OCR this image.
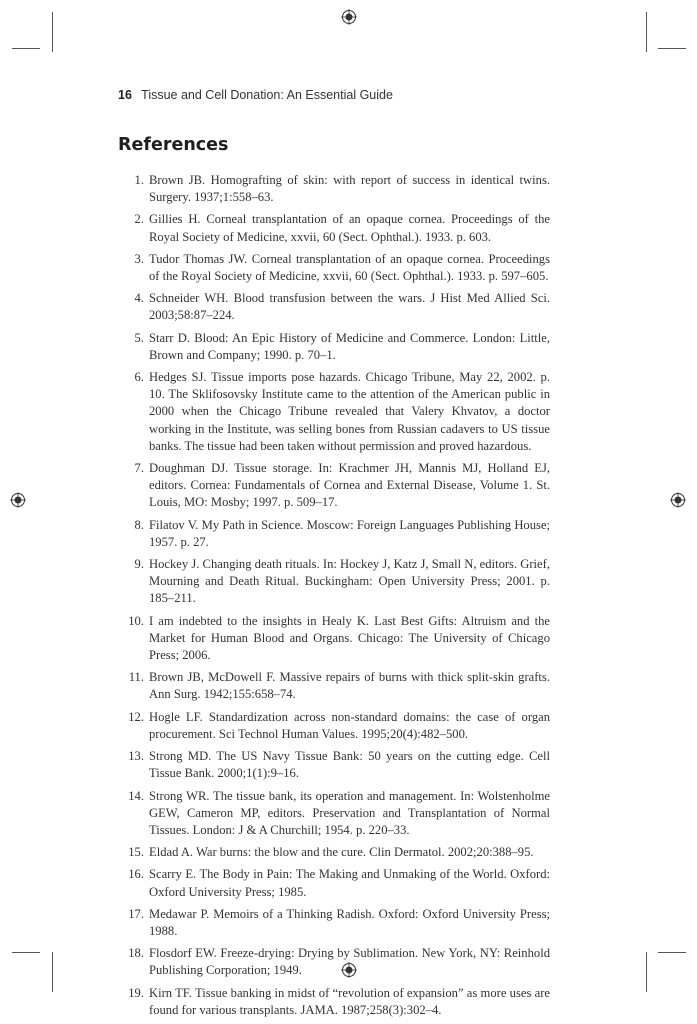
16 Tissue and Cell Donation: An Essential Guide
References
1. Brown JB. Homografting of skin: with report of success in identical twins. Surgery. 1937;1:558–63.
2. Gillies H. Corneal transplantation of an opaque cornea. Proceedings of the Royal Society of Medicine, xxvii, 60 (Sect. Ophthal.). 1933. p. 603.
3. Tudor Thomas JW. Corneal transplantation of an opaque cornea. Proceedings of the Royal Society of Medicine, xxvii, 60 (Sect. Ophthal.). 1933. p. 597–605.
4. Schneider WH. Blood transfusion between the wars. J Hist Med Allied Sci. 2003;58:87–224.
5. Starr D. Blood: An Epic History of Medicine and Commerce. London: Little, Brown and Company; 1990. p. 70–1.
6. Hedges SJ. Tissue imports pose hazards. Chicago Tribune, May 22, 2002. p. 10. The Sklifosovsky Institute came to the attention of the American public in 2000 when the Chicago Tribune revealed that Valery Khvatov, a doctor working in the Institute, was selling bones from Russian cadavers to US tissue banks. The tissue had been taken without permission and proved hazardous.
7. Doughman DJ. Tissue storage. In: Krachmer JH, Mannis MJ, Holland EJ, editors. Cornea: Fundamentals of Cornea and External Disease, Volume 1. St. Louis, MO: Mosby; 1997. p. 509–17.
8. Filatov V. My Path in Science. Moscow: Foreign Languages Publishing House; 1957. p. 27.
9. Hockey J. Changing death rituals. In: Hockey J, Katz J, Small N, editors. Grief, Mourning and Death Ritual. Buckingham: Open University Press; 2001. p. 185–211.
10. I am indebted to the insights in Healy K. Last Best Gifts: Altruism and the Market for Human Blood and Organs. Chicago: The University of Chicago Press; 2006.
11. Brown JB, McDowell F. Massive repairs of burns with thick split-skin grafts. Ann Surg. 1942;155:658–74.
12. Hogle LF. Standardization across non-standard domains: the case of organ procurement. Sci Technol Human Values. 1995;20(4):482–500.
13. Strong MD. The US Navy Tissue Bank: 50 years on the cutting edge. Cell Tissue Bank. 2000;1(1):9–16.
14. Strong WR. The tissue bank, its operation and management. In: Wolstenholme GEW, Cameron MP, editors. Preservation and Transplantation of Normal Tissues. London: J & A Churchill; 1954. p. 220–33.
15. Eldad A. War burns: the blow and the cure. Clin Dermatol. 2002;20:388–95.
16. Scarry E. The Body in Pain: The Making and Unmaking of the World. Oxford: Oxford University Press; 1985.
17. Medawar P. Memoirs of a Thinking Radish. Oxford: Oxford University Press; 1988.
18. Flosdorf EW. Freeze-drying: Drying by Sublimation. New York, NY: Reinhold Publishing Corporation; 1949.
19. Kirn TF. Tissue banking in midst of “revolution of expansion” as more uses are found for various transplants. JAMA. 1987;258(3):302–4.
